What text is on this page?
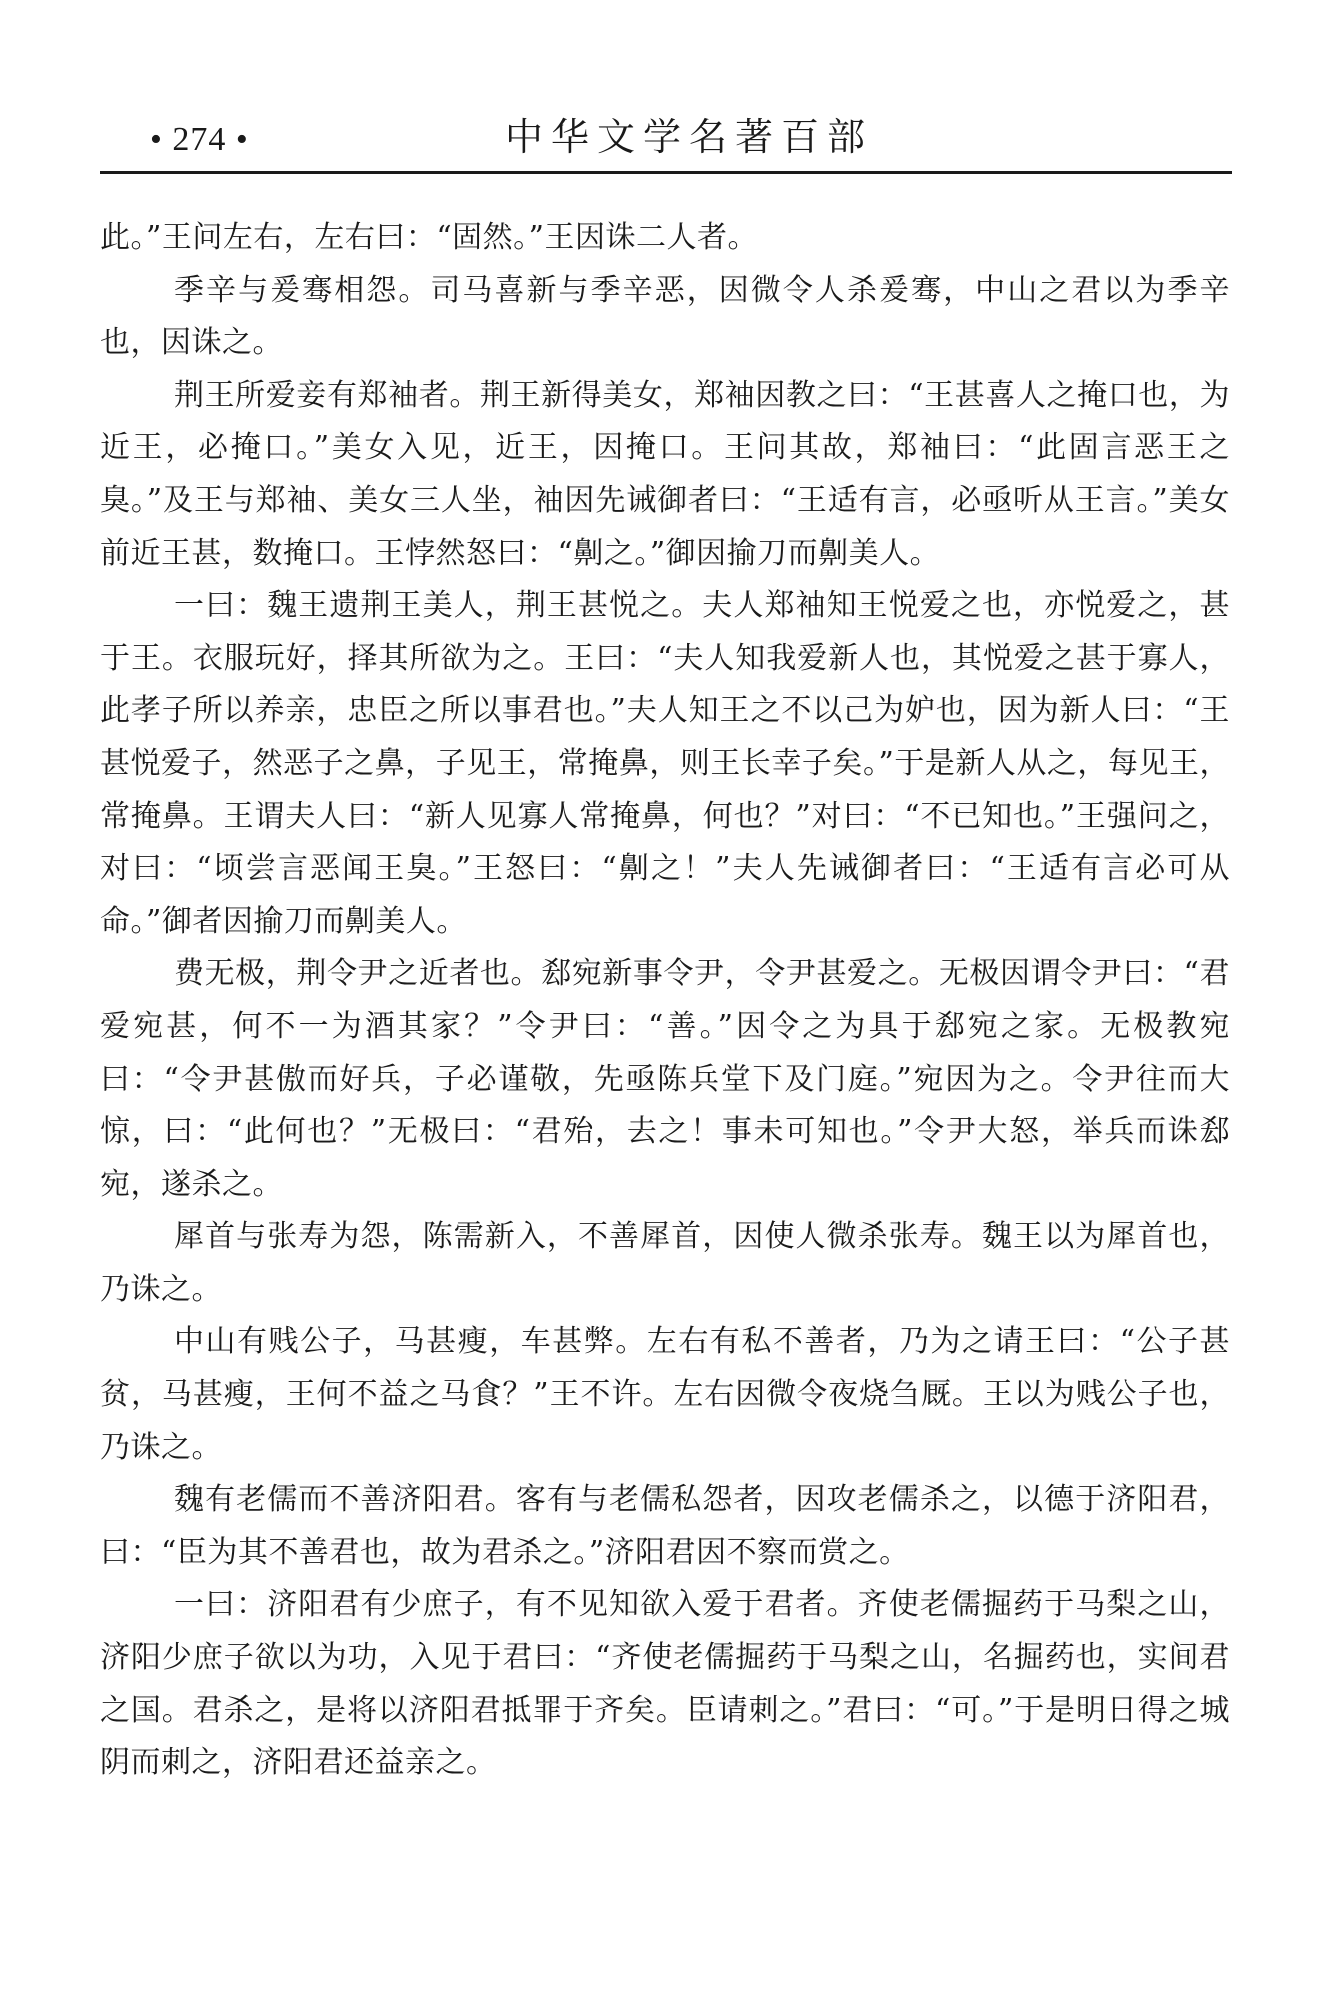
• 274 •	中华文学名著百部

此。”王问左右，左右曰：“固然。”王因诛二人者。

季辛与爰骞相怨。司马喜新与季辛恶，因微令人杀爰骞，中山之君以为季辛也，因诛之。

荆王所爱妾有郑袖者。荆王新得美女，郑袖因教之曰：“王甚喜人之掩口也，为近王，必掩口。”美女入见，近王，因掩口。王问其故，郑袖曰：“此固言恶王之臭。”及王与郑袖、美女三人坐，袖因先诫御者曰：“王适有言，必亟听从王言。”美女前近王甚，数掩口。王悖然怒曰：“劓之。”御因揄刀而劓美人。

一曰：魏王遗荆王美人，荆王甚悦之。夫人郑袖知王悦爱之也，亦悦爱之，甚于王。衣服玩好，择其所欲为之。王曰：“夫人知我爱新人也，其悦爱之甚于寡人，此孝子所以养亲，忠臣之所以事君也。”夫人知王之不以己为妒也，因为新人曰：“王甚悦爱子，然恶子之鼻，子见王，常掩鼻，则王长幸子矣。”于是新人从之，每见王，常掩鼻。王谓夫人曰：“新人见寡人常掩鼻，何也？”对曰：“不已知也。”王强问之，对曰：“顷尝言恶闻王臭。”王怒曰：“劓之！”夫人先诫御者曰：“王适有言必可从命。”御者因揄刀而劓美人。

费无极，荆令尹之近者也。郄宛新事令尹，令尹甚爱之。无极因谓令尹曰：“君爱宛甚，何不一为酒其家？”令尹曰：“善。”因令之为具于郄宛之家。无极教宛曰：“令尹甚傲而好兵，子必谨敬，先亟陈兵堂下及门庭。”宛因为之。令尹往而大惊，曰：“此何也？”无极曰：“君殆，去之！事未可知也。”令尹大怒，举兵而诛郄宛，遂杀之。

犀首与张寿为怨，陈需新入，不善犀首，因使人微杀张寿。魏王以为犀首也，乃诛之。

中山有贱公子，马甚瘦，车甚弊。左右有私不善者，乃为之请王曰：“公子甚贫，马甚瘦，王何不益之马食？”王不许。左右因微令夜烧刍厩。王以为贱公子也，乃诛之。

魏有老儒而不善济阳君。客有与老儒私怨者，因攻老儒杀之，以德于济阳君，曰：“臣为其不善君也，故为君杀之。”济阳君因不察而赏之。

一曰：济阳君有少庶子，有不见知欲入爱于君者。齐使老儒掘药于马梨之山，济阳少庶子欲以为功，入见于君曰：“齐使老儒掘药于马梨之山，名掘药也，实间君之国。君杀之，是将以济阳君抵罪于齐矣。臣请刺之。”君曰：“可。”于是明日得之城阴而刺之，济阳君还益亲之。
